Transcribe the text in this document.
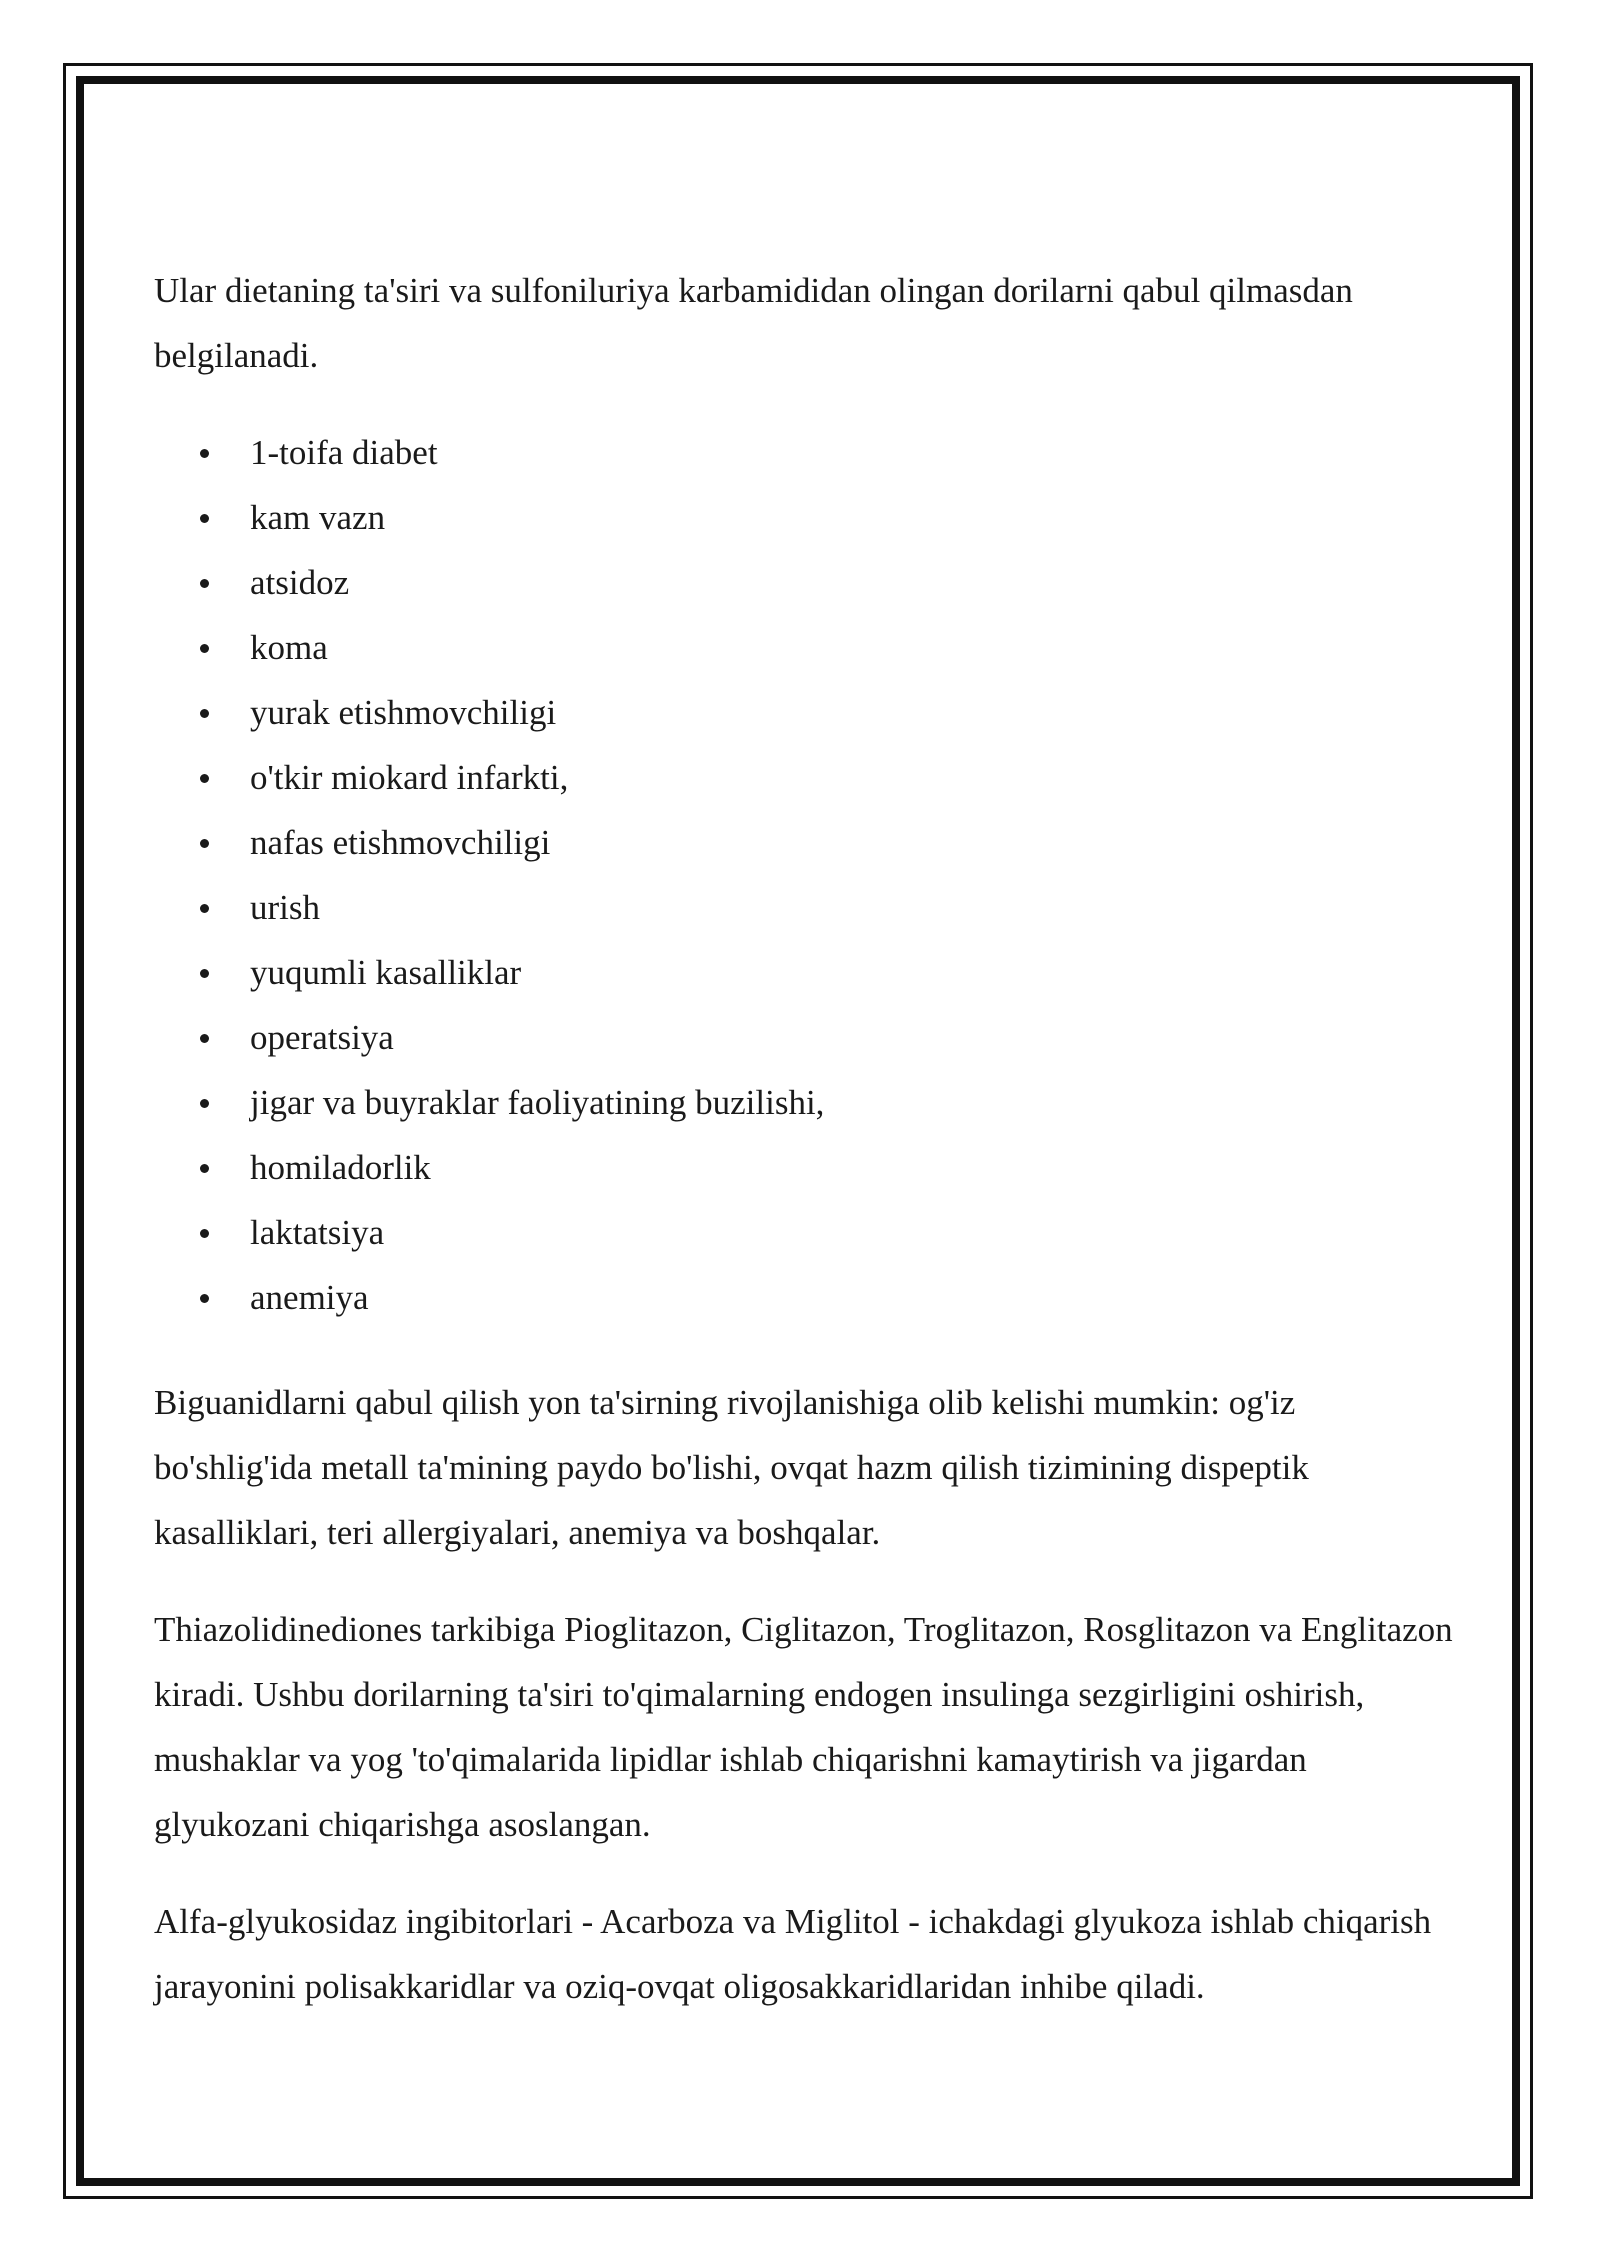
Ular dietaning ta'siri va sulfoniluriya karbamididan olingan dorilarni qabul qilmasdan belgilanadi.

1-toifa diabet
kam vazn
atsidoz
koma
yurak etishmovchiligi
o'tkir miokard infarkti,
nafas etishmovchiligi
urish
yuqumli kasalliklar
operatsiya
jigar va buyraklar faoliyatining buzilishi,
homiladorlik
laktatsiya
anemiya

Biguanidlarni qabul qilish yon ta'sirning rivojlanishiga olib kelishi mumkin: og'iz bo'shlig'ida metall ta'mining paydo bo'lishi, ovqat hazm qilish tizimining dispeptik kasalliklari, teri allergiyalari, anemiya va boshqalar.

Thiazolidinediones tarkibiga Pioglitazon, Ciglitazon, Troglitazon, Rosglitazon va Englitazon kiradi. Ushbu dorilarning ta'siri to'qimalarning endogen insulinga sezgirligini oshirish, mushaklar va yog 'to'qimalarida lipidlar ishlab chiqarishni kamaytirish va jigardan glyukozani chiqarishga asoslangan.

Alfa-glyukosidaz ingibitorlari - Acarboza va Miglitol - ichakdagi glyukoza ishlab chiqarish jarayonini polisakkaridlar va oziq-ovqat oligosakkaridlaridan inhibe qiladi.
